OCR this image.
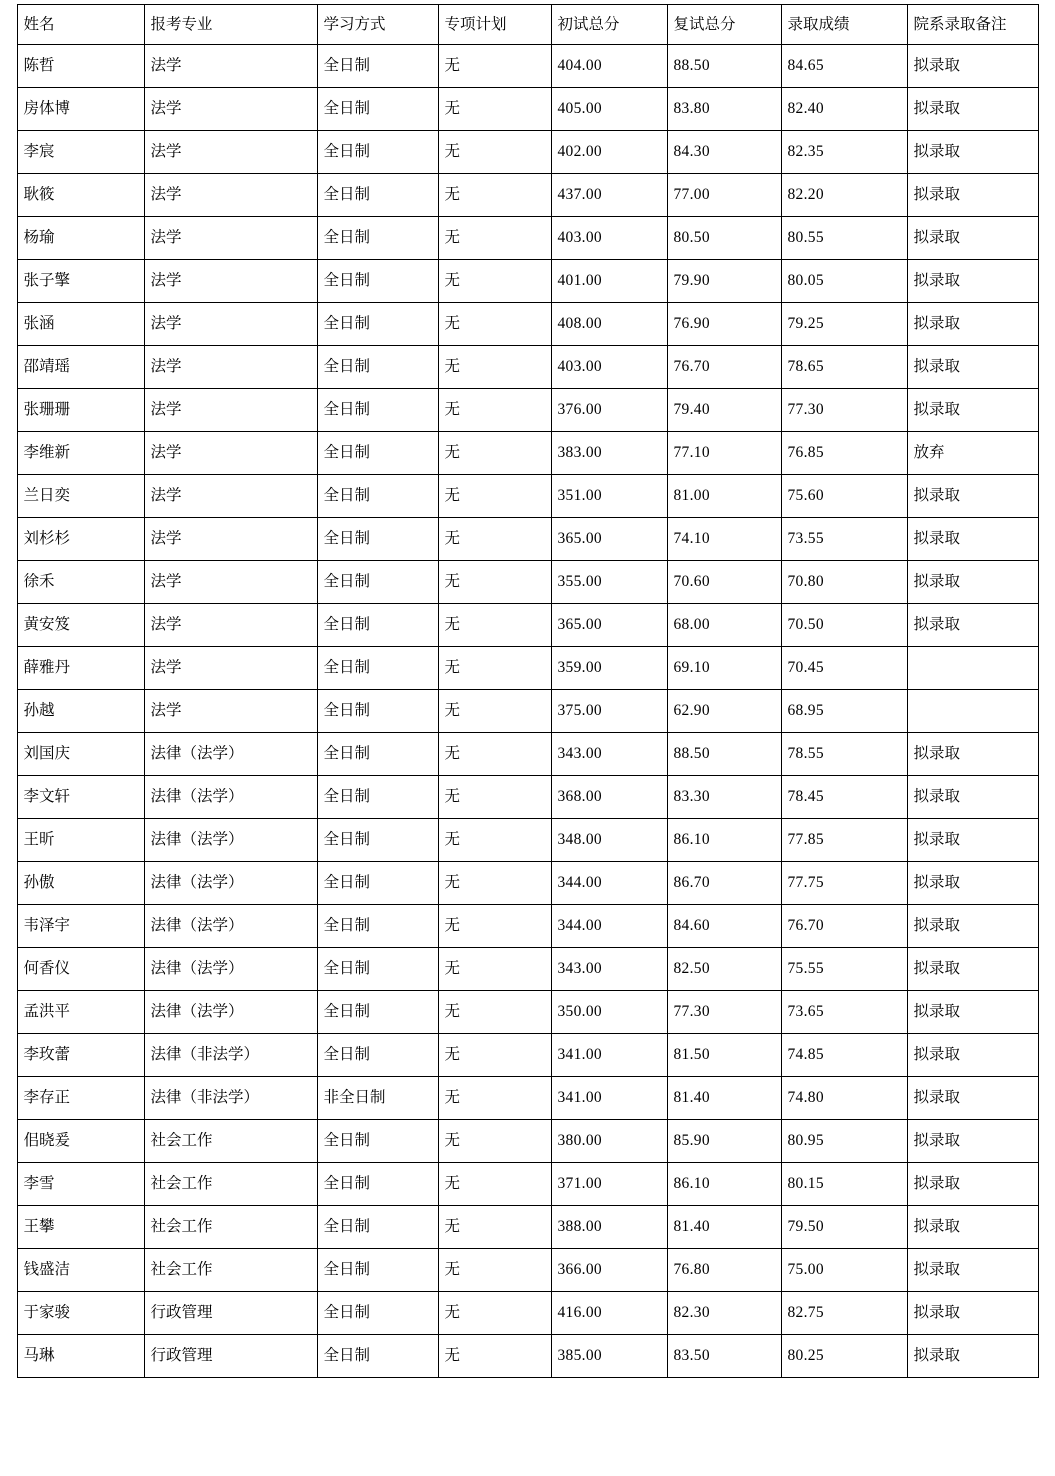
姓名	报考专业	学习方式	专项计划	初试总分	复试总分	录取成绩	院系录取备注
陈哲	法学	全日制	无	404.00	88.50	84.65	拟录取
房体博	法学	全日制	无	405.00	83.80	82.40	拟录取
李宸	法学	全日制	无	402.00	84.30	82.35	拟录取
耿筱	法学	全日制	无	437.00	77.00	82.20	拟录取
杨瑜	法学	全日制	无	403.00	80.50	80.55	拟录取
张子擎	法学	全日制	无	401.00	79.90	80.05	拟录取
张涵	法学	全日制	无	408.00	76.90	79.25	拟录取
邵靖瑶	法学	全日制	无	403.00	76.70	78.65	拟录取
张珊珊	法学	全日制	无	376.00	79.40	77.30	拟录取
李维新	法学	全日制	无	383.00	77.10	76.85	放弃
兰日奕	法学	全日制	无	351.00	81.00	75.60	拟录取
刘杉杉	法学	全日制	无	365.00	74.10	73.55	拟录取
徐禾	法学	全日制	无	355.00	70.60	70.80	拟录取
黄安笈	法学	全日制	无	365.00	68.00	70.50	拟录取
薛雅丹	法学	全日制	无	359.00	69.10	70.45	
孙越	法学	全日制	无	375.00	62.90	68.95	
刘国庆	法律（法学）	全日制	无	343.00	88.50	78.55	拟录取
李文轩	法律（法学）	全日制	无	368.00	83.30	78.45	拟录取
王昕	法律（法学）	全日制	无	348.00	86.10	77.85	拟录取
孙傲	法律（法学）	全日制	无	344.00	86.70	77.75	拟录取
韦泽宇	法律（法学）	全日制	无	344.00	84.60	76.70	拟录取
何香仪	法律（法学）	全日制	无	343.00	82.50	75.55	拟录取
孟洪平	法律（法学）	全日制	无	350.00	77.30	73.65	拟录取
李玫蕾	法律（非法学）	全日制	无	341.00	81.50	74.85	拟录取
李存正	法律（非法学）	非全日制	无	341.00	81.40	74.80	拟录取
佀晓爰	社会工作	全日制	无	380.00	85.90	80.95	拟录取
李雪	社会工作	全日制	无	371.00	86.10	80.15	拟录取
王攀	社会工作	全日制	无	388.00	81.40	79.50	拟录取
钱盛洁	社会工作	全日制	无	366.00	76.80	75.00	拟录取
于家骏	行政管理	全日制	无	416.00	82.30	82.75	拟录取
马琳	行政管理	全日制	无	385.00	83.50	80.25	拟录取
